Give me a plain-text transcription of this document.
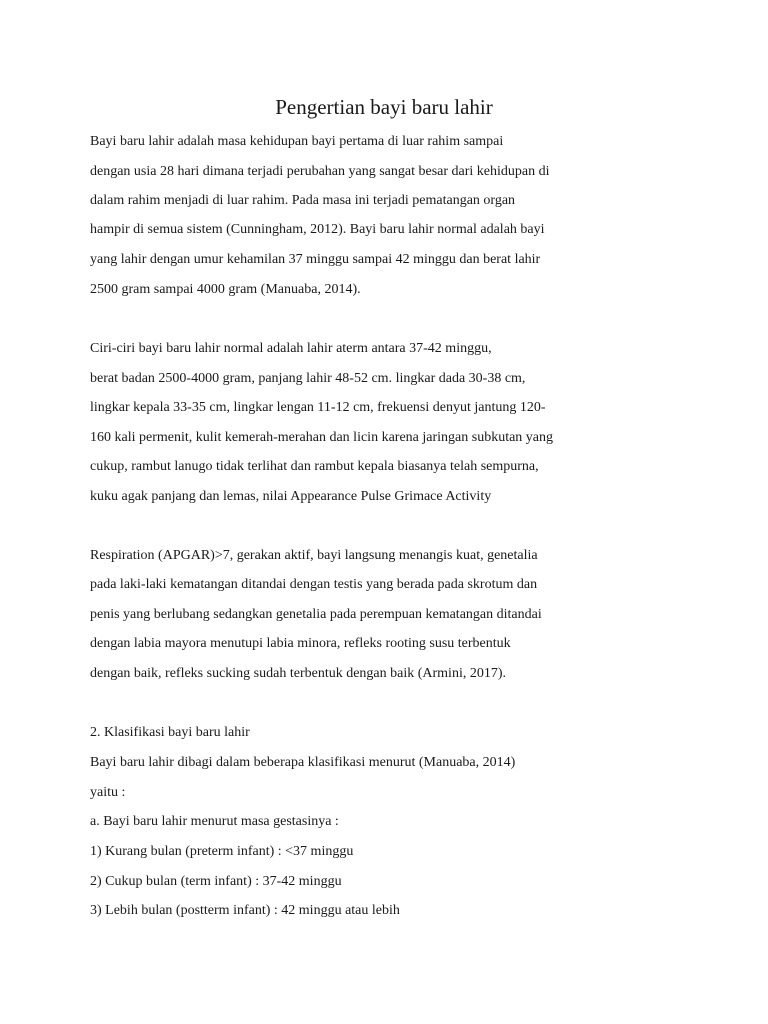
Pengertian bayi baru lahir

Bayi baru lahir adalah masa kehidupan bayi pertama di luar rahim sampai

dengan usia 28 hari dimana terjadi perubahan yang sangat besar dari kehidupan di

dalam rahim menjadi di luar rahim. Pada masa ini terjadi pematangan organ

hampir di semua sistem (Cunningham, 2012). Bayi baru lahir normal adalah bayi

yang lahir dengan umur kehamilan 37 minggu sampai 42 minggu dan berat lahir

2500 gram sampai 4000 gram (Manuaba, 2014).

Ciri-ciri bayi baru lahir normal adalah lahir aterm antara 37-42 minggu,

berat badan 2500-4000 gram, panjang lahir 48-52 cm. lingkar dada 30-38 cm,

lingkar kepala 33-35 cm, lingkar lengan 11-12 cm, frekuensi denyut jantung 120-

160 kali permenit, kulit kemerah-merahan dan licin karena jaringan subkutan yang

cukup, rambut lanugo tidak terlihat dan rambut kepala biasanya telah sempurna,

kuku agak panjang dan lemas, nilai Appearance Pulse Grimace Activity

Respiration (APGAR)>7, gerakan aktif, bayi langsung menangis kuat, genetalia

pada laki-laki kematangan ditandai dengan testis yang berada pada skrotum dan

penis yang berlubang sedangkan genetalia pada perempuan kematangan ditandai

dengan labia mayora menutupi labia minora, refleks rooting susu terbentuk

dengan baik, refleks sucking sudah terbentuk dengan baik (Armini, 2017).

2. Klasifikasi bayi baru lahir

Bayi baru lahir dibagi dalam beberapa klasifikasi menurut (Manuaba, 2014)

yaitu :

a. Bayi baru lahir menurut masa gestasinya :

1) Kurang bulan (preterm infant) : <37 minggu

2) Cukup bulan (term infant) : 37-42 minggu

3) Lebih bulan (postterm infant) : 42 minggu atau lebih
